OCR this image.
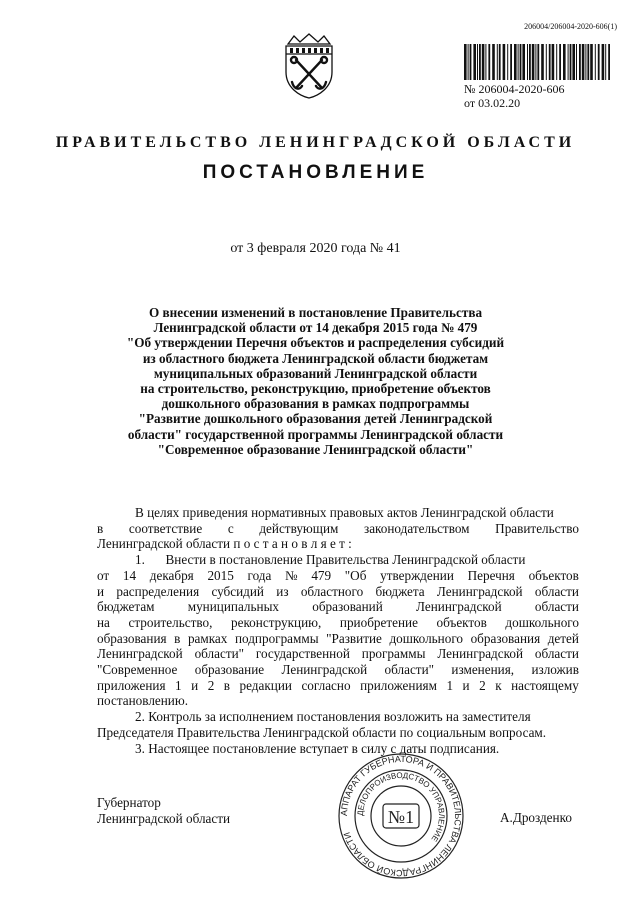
206004/206004-2020-606(1)
№ 206004-2020-606
от 03.02.20
ПРАВИТЕЛЬСТВО ЛЕНИНГРАДСКОЙ ОБЛАСТИ
ПОСТАНОВЛЕНИЕ
от 3 февраля 2020 года № 41
О внесении изменений в постановление Правительства
Ленинградской области от 14 декабря 2015 года № 479
"Об утверждении Перечня объектов и распределения субсидий
из областного бюджета Ленинградской области бюджетам
муниципальных образований Ленинградской области
на строительство, реконструкцию, приобретение объектов
дошкольного образования в рамках подпрограммы
"Развитие дошкольного образования детей Ленинградской
области" государственной программы Ленинградской области
"Современное образование Ленинградской области"
В целях приведения нормативных правовых актов Ленинградской области
в соответствие с действующим законодательством Правительство
Ленинградской области п о с т а н о в л я е т :
1. Внести в постановление Правительства Ленинградской области
от 14 декабря 2015 года № 479 "Об утверждении Перечня объектов
и распределения субсидий из областного бюджета Ленинградской области
бюджетам	муниципальных	образований	Ленинградской	области
на строительство, реконструкцию, приобретение объектов дошкольного
образования в рамках подпрограммы "Развитие дошкольного образования детей
Ленинградской области" государственной программы Ленинградской области
"Современное образование Ленинградской области" изменения, изложив
приложения 1 и 2 в редакции согласно приложениям 1 и 2 к настоящему
постановлению.
2. Контроль за исполнением постановления возложить на заместителя
Председателя Правительства Ленинградской области по социальным вопросам.
3. Настоящее постановление вступает в силу с даты подписания.
Губернатор
Ленинградской области	А.Дрозденко
АППАРАТ ГУБЕРНАТОРА И ПРАВИТЕЛЬСТВА ЛЕНИНГРАДСКОЙ ОБЛАСТИ
ДЕЛОПРОИЗВОДСТВО УПРАВЛЕНИЕ
№1
